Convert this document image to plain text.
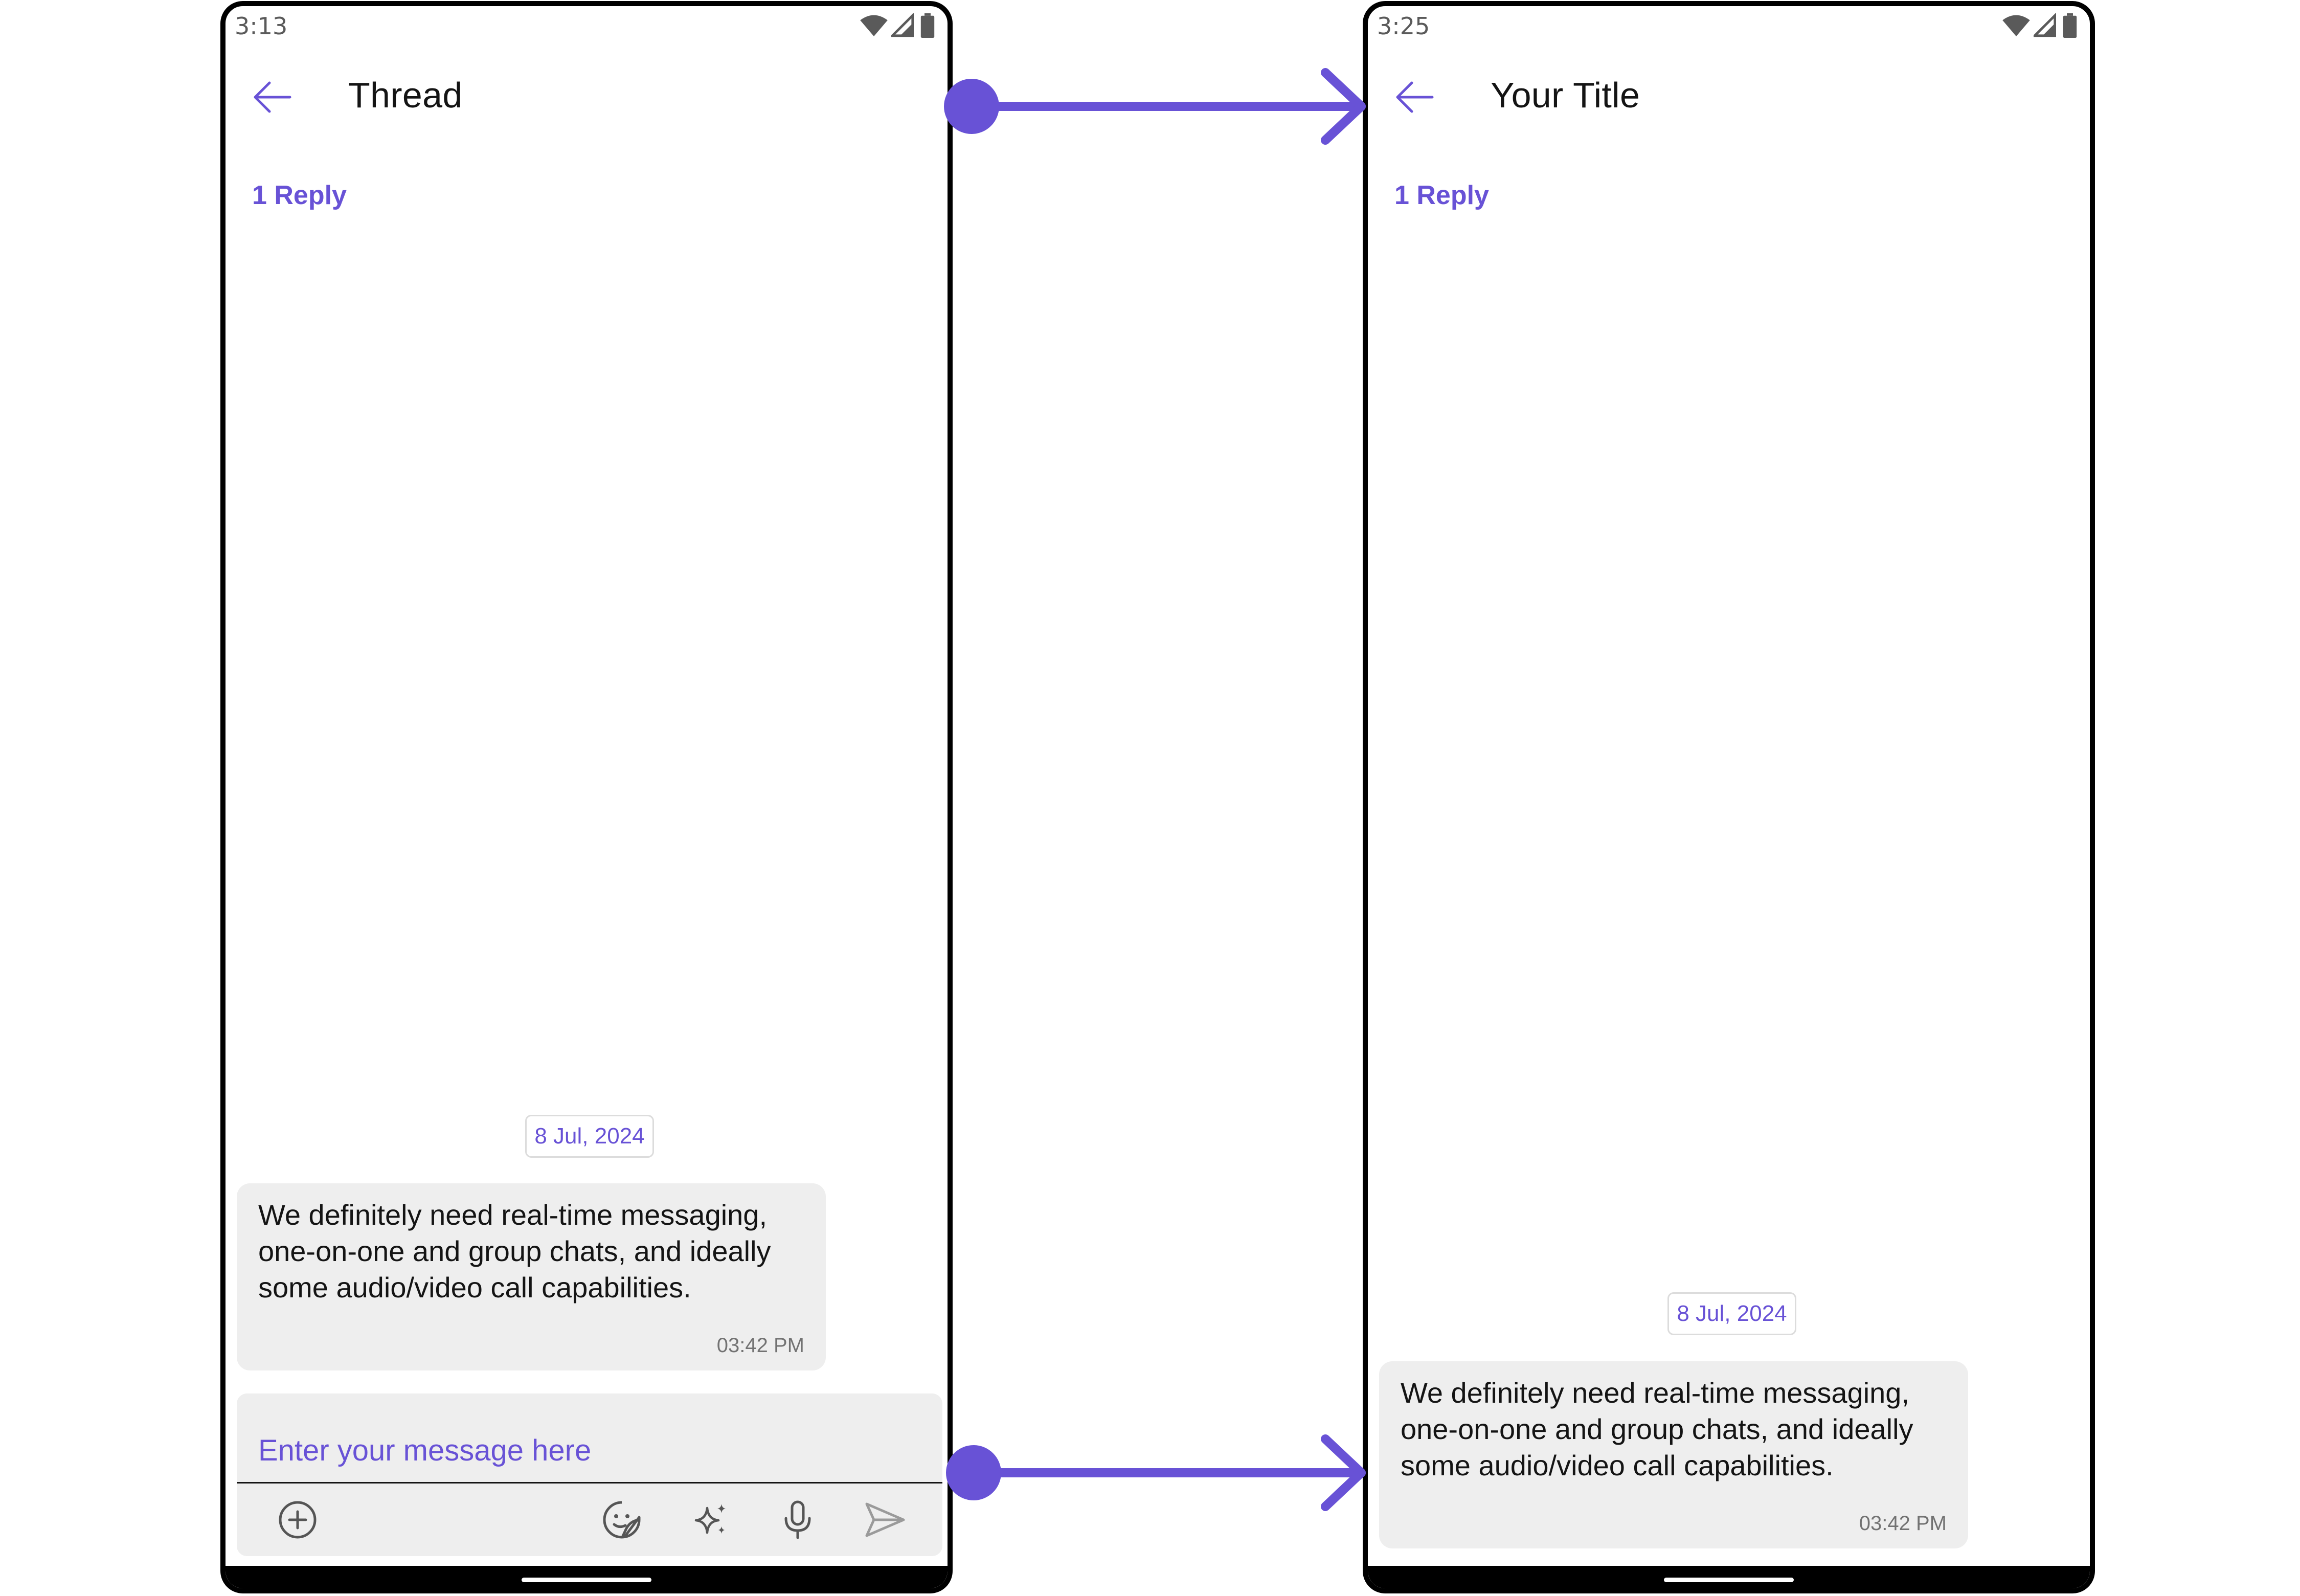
3:13
Thread
1 Reply
8 Jul, 2024
We definitely need real-time messaging, one-on-one and group chats, and ideally some audio/video call capabilities.
03:42 PM
Enter your message here
3:25
Your Title
1 Reply
8 Jul, 2024
We definitely need real-time messaging, one-on-one and group chats, and ideally some audio/video call capabilities.
03:42 PM
